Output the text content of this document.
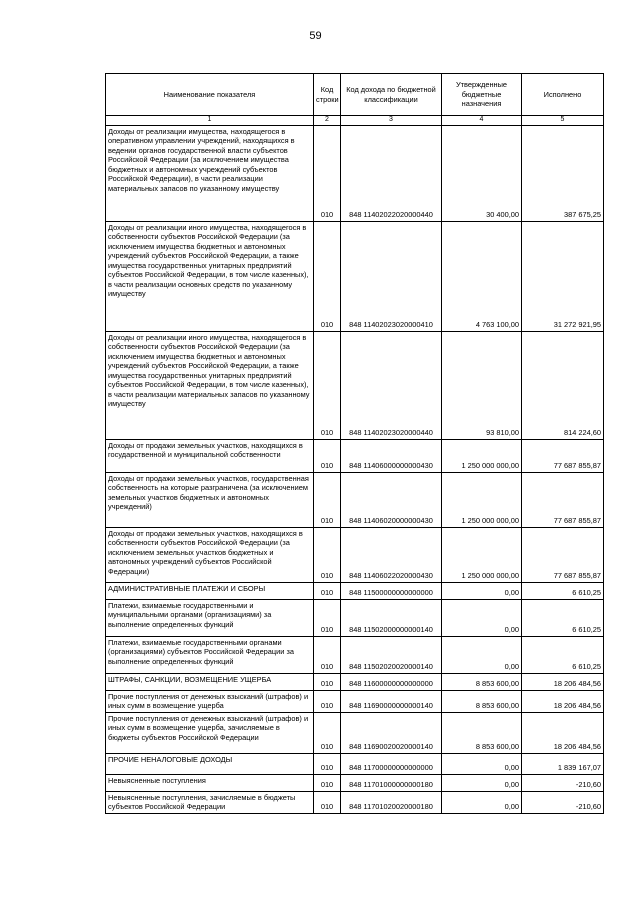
59
Наименование показателя	Код строки	Код дохода по бюджетной классификации	Утвержденные бюджетные назначения	Исполнено
1	2	3	4	5

Доходы от реализации имущества, находящегося в оперативном управлении учреждений, находящихся в ведении органов государственной власти субъектов Российской Федерации (за исключением имущества бюджетных и автономных учреждений субъектов Российской Федерации), в части реализации материальных запасов по указанному имуществу	010	848 11402022020000440	30 400,00	387 675,25

Доходы от реализации иного имущества, находящегося в собственности субъектов Российской Федерации (за исключением имущества бюджетных и автономных учреждений субъектов Российской Федерации, а также имущества государственных унитарных предприятий субъектов Российской Федерации, в том числе казенных), в части реализации основных средств по указанному имуществу	010	848 11402023020000410	4 763 100,00	31 272 921,95

Доходы от реализации иного имущества, находящегося в собственности субъектов Российской Федерации (за исключением имущества бюджетных и автономных учреждений субъектов Российской Федерации, а также имущества государственных унитарных предприятий субъектов Российской Федерации, в том числе казенных), в части реализации материальных запасов по указанному имуществу	010	848 11402023020000440	93 810,00	814 224,60

Доходы от продажи земельных участков, находящихся в государственной и муниципальной собственности	010	848 11406000000000430	1 250 000 000,00	77 687 855,87

Доходы от продажи земельных участков, государственная собственность на которые разграничена (за исключением земельных участков бюджетных и автономных учреждений)	010	848 11406020000000430	1 250 000 000,00	77 687 855,87

Доходы от продажи земельных участков, находящихся в собственности субъектов Российской Федерации (за исключением земельных участков бюджетных и автономных учреждений субъектов Российской Федерации)	010	848 11406022020000430	1 250 000 000,00	77 687 855,87

АДМИНИСТРАТИВНЫЕ ПЛАТЕЖИ И СБОРЫ	010	848 11500000000000000	0,00	6 610,25

Платежи, взимаемые государственными и муниципальными органами (организациями) за выполнение определенных функций	010	848 11502000000000140	0,00	6 610,25

Платежи, взимаемые государственными органами (организациями) субъектов Российской Федерации за выполнение определенных функций	010	848 11502020020000140	0,00	6 610,25

ШТРАФЫ, САНКЦИИ, ВОЗМЕЩЕНИЕ УЩЕРБА	010	848 11600000000000000	8 853 600,00	18 206 484,56

Прочие поступления от денежных взысканий (штрафов) и иных сумм в возмещение ущерба	010	848 11690000000000140	8 853 600,00	18 206 484,56

Прочие поступления от денежных взысканий (штрафов) и иных сумм в возмещение ущерба, зачисляемые в бюджеты субъектов Российской Федерации	010	848 11690020020000140	8 853 600,00	18 206 484,56

ПРОЧИЕ НЕНАЛОГОВЫЕ ДОХОДЫ	010	848 11700000000000000	0,00	1 839 167,07

Невыясненные поступления	010	848 11701000000000180	0,00	-210,60

Невыясненные поступления, зачисляемые в бюджеты субъектов Российской Федерации	010	848 11701020020000180	0,00	-210,60
